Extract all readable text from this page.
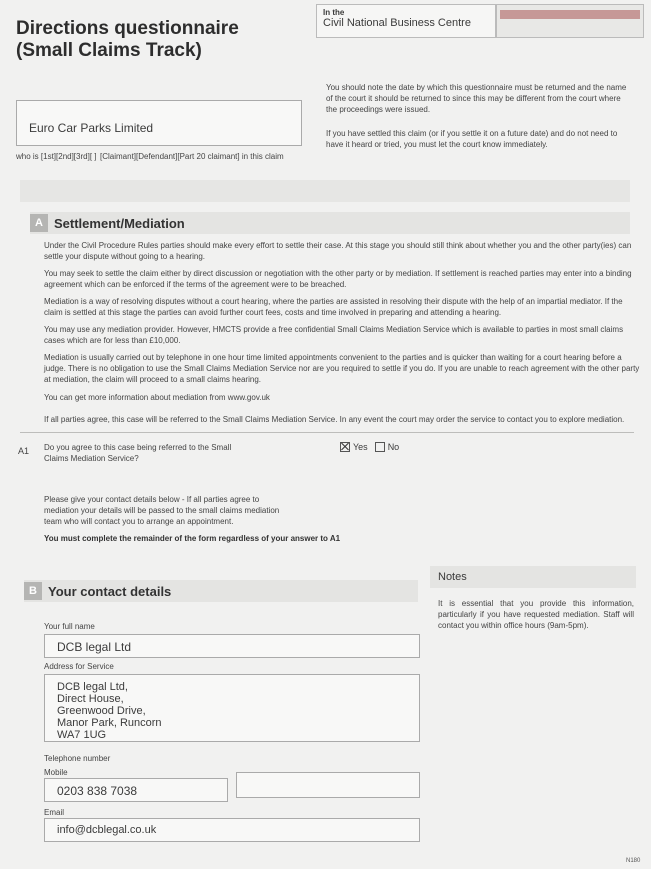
Directions questionnaire
(Small Claims Track)
In the
Civil National Business Centre
Euro Car Parks Limited
who is [1st][2nd][3rd][ ] [Claimant][Defendant][Part 20 claimant] in this claim
You should note the date by which this questionnaire must be returned and the name of the court it should be returned to since this may be different from the court where the proceedings were issued.
If you have settled this claim (or if you settle it on a future date) and do not need to have it heard or tried, you must let the court know immediately.
A Settlement/Mediation
Under the Civil Procedure Rules parties should make every effort to settle their case. At this stage you should still think about whether you and the other party(ies) can settle your dispute without going to a hearing.
You may seek to settle the claim either by direct discussion or negotiation with the other party or by mediation. If settlement is reached parties may enter into a binding agreement which can be enforced if the terms of the agreement were to be breached.
Mediation is a way of resolving disputes without a court hearing, where the parties are assisted in resolving their dispute with the help of an impartial mediator. If the claim is settled at this stage the parties can avoid further court fees, costs and time involved in preparing and attending a hearing.
You may use any mediation provider. However, HMCTS provide a free confidential Small Claims Mediation Service which is available to parties in most small claims cases which are for less than £10,000.
Mediation is usually carried out by telephone in one hour time limited appointments convenient to the parties and is quicker than waiting for a court hearing before a judge. There is no obligation to use the Small Claims Mediation Service nor are you required to settle if you do. If you are unable to reach agreement with the other party at mediation, the claim will proceed to a small claims hearing.
You can get more information about mediation from www.gov.uk
If all parties agree, this case will be referred to the Small Claims Mediation Service. In any event the court may order the service to contact you to explore mediation.
A1 Do you agree to this case being referred to the Small Claims Mediation Service?
Yes No
Please give your contact details below - If all parties agree to mediation your details will be passed to the small claims mediation team who will contact you to arrange an appointment.
You must complete the remainder of the form regardless of your answer to A1
B Your contact details
Your full name
DCB legal Ltd
Address for Service
DCB legal Ltd,
Direct House,
Greenwood Drive,
Manor Park, Runcorn
WA7 1UG
Telephone number
Mobile
0203 838 7038
Email
info@dcblegal.co.uk
Notes
It is essential that you provide this information, particularly if you have requested mediation. Staff will contact you within office hours (9am-5pm).
N180
